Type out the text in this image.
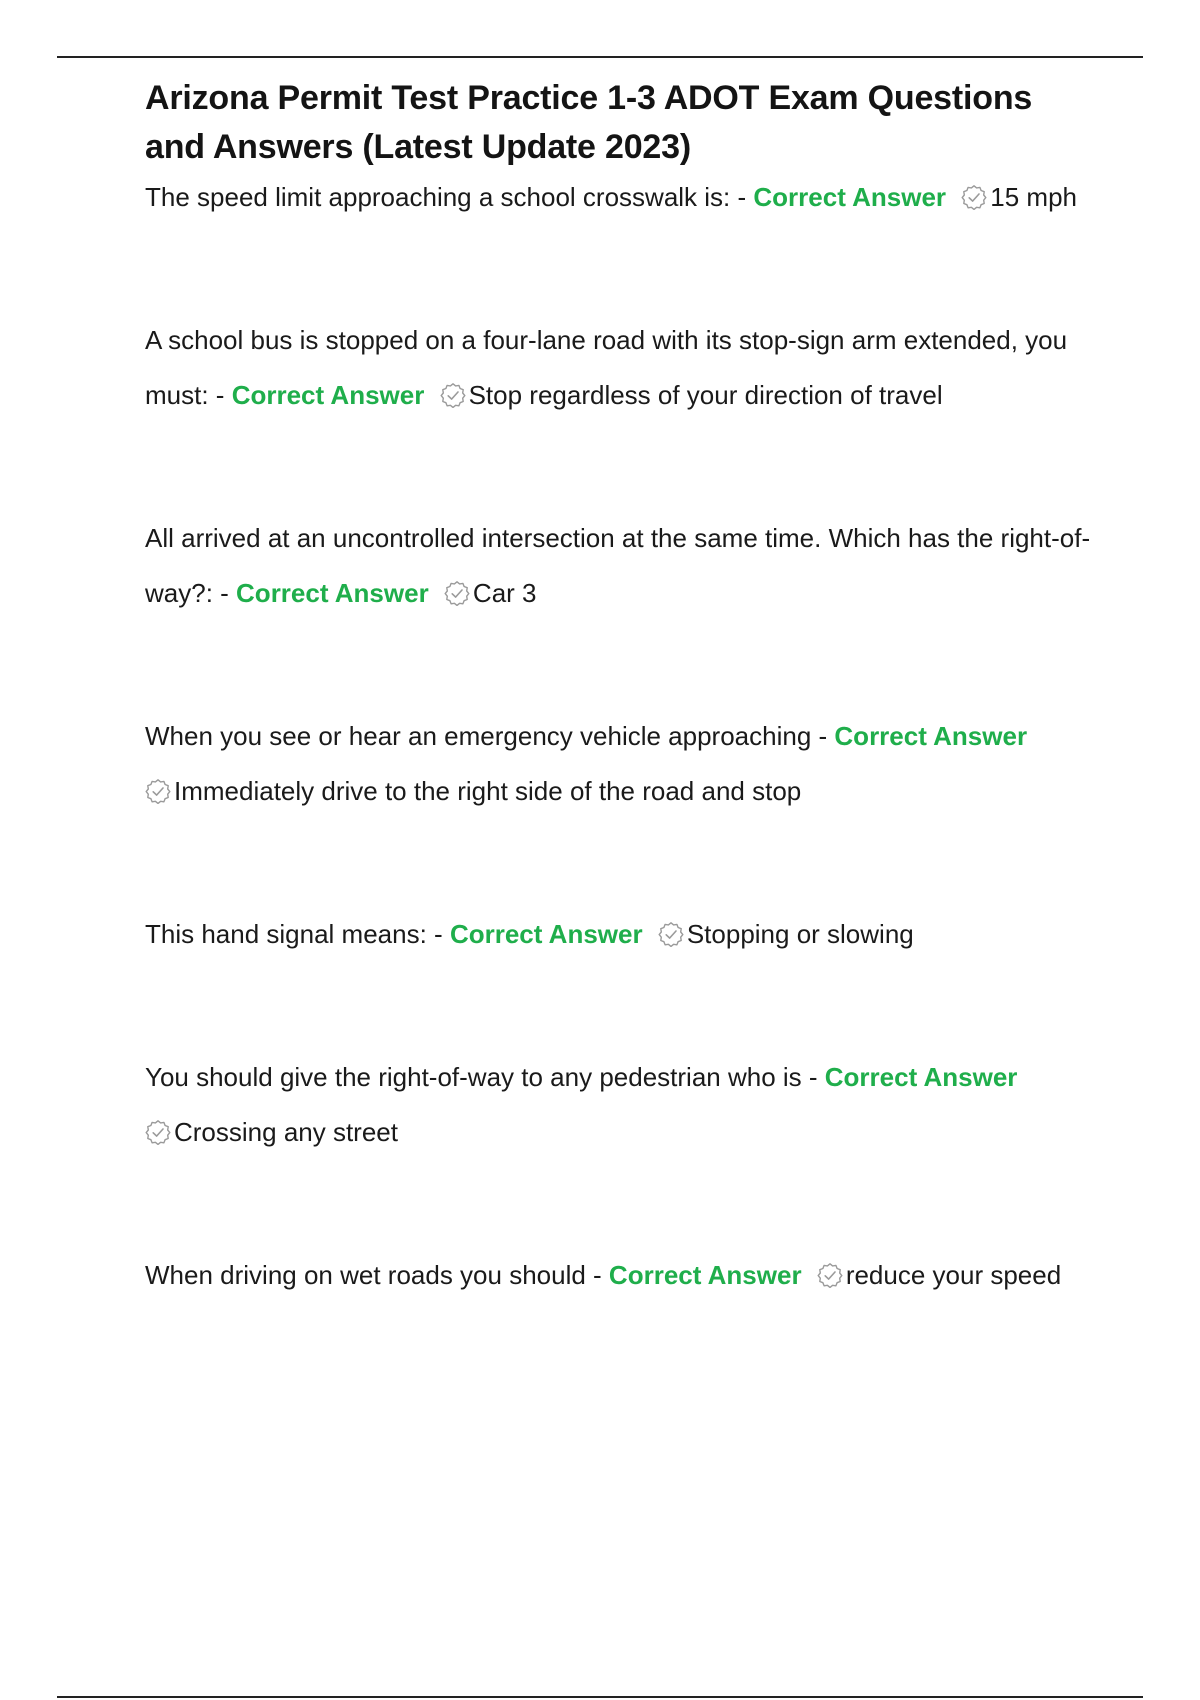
Arizona Permit Test Practice 1-3 ADOT Exam Questions and Answers (Latest Update 2023)

The speed limit approaching a school crosswalk is: - Correct Answer 15 mph

A school bus is stopped on a four-lane road with its stop-sign arm extended, you must: - Correct Answer Stop regardless of your direction of travel

All arrived at an uncontrolled intersection at the same time. Which has the right-of-way?: - Correct Answer Car 3

When you see or hear an emergency vehicle approaching - Correct Answer

Immediately drive to the right side of the road and stop

This hand signal means: - Correct Answer Stopping or slowing

You should give the right-of-way to any pedestrian who is - Correct Answer

Crossing any street

When driving on wet roads you should - Correct Answer reduce your speed
